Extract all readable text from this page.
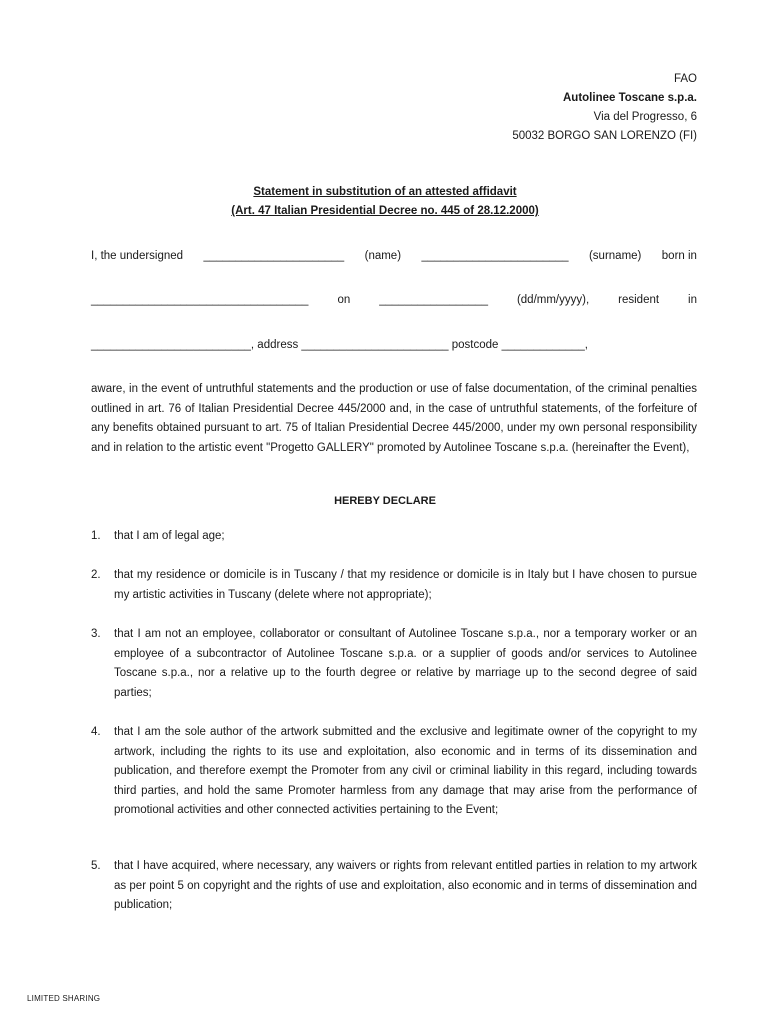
FAO
Autolinee Toscane s.p.a.
Via del Progresso, 6
50032 BORGO SAN LORENZO (FI)
Statement in substitution of an attested affidavit
(Art. 47 Italian Presidential Decree no. 445 of 28.12.2000)
I, the undersigned ______________________ (name) _______________________ (surname) born in
__________________________________	on	_________________	(dd/mm/yyyy),	resident	in
_________________________,
address
_______________________
postcode
_____________,
aware, in the event of untruthful statements and the production or use of false documentation, of the criminal penalties outlined in art. 76 of Italian Presidential Decree 445/2000 and, in the case of untruthful statements, of the forfeiture of any benefits obtained pursuant to art. 75 of Italian Presidential Decree 445/2000, under my own personal responsibility and in relation to the artistic event "Progetto GALLERY" promoted by Autolinee Toscane s.p.a. (hereinafter the Event),
HEREBY DECLARE
1.	that I am of legal age;
2.	that my residence or domicile is in Tuscany / that my residence or domicile is in Italy but I have chosen to pursue my artistic activities in Tuscany (delete where not appropriate);
3.	that I am not an employee, collaborator or consultant of Autolinee Toscane s.p.a., nor a temporary worker or an employee of a subcontractor of Autolinee Toscane s.p.a. or a supplier of goods and/or services to Autolinee Toscane s.p.a., nor a relative up to the fourth degree or relative by marriage up to the second degree of said parties;
4.	that I am the sole author of the artwork submitted and the exclusive and legitimate owner of the copyright to my artwork, including the rights to its use and exploitation, also economic and in terms of its dissemination and publication, and therefore exempt the Promoter from any civil or criminal liability in this regard, including towards third parties, and hold the same Promoter harmless from any damage that may arise from the performance of promotional activities and other connected activities pertaining to the Event;
5.	that I have acquired, where necessary, any waivers or rights from relevant entitled parties in relation to my artwork as per point 5 on copyright and the rights of use and exploitation, also economic and in terms of dissemination and publication;
LIMITED SHARING
